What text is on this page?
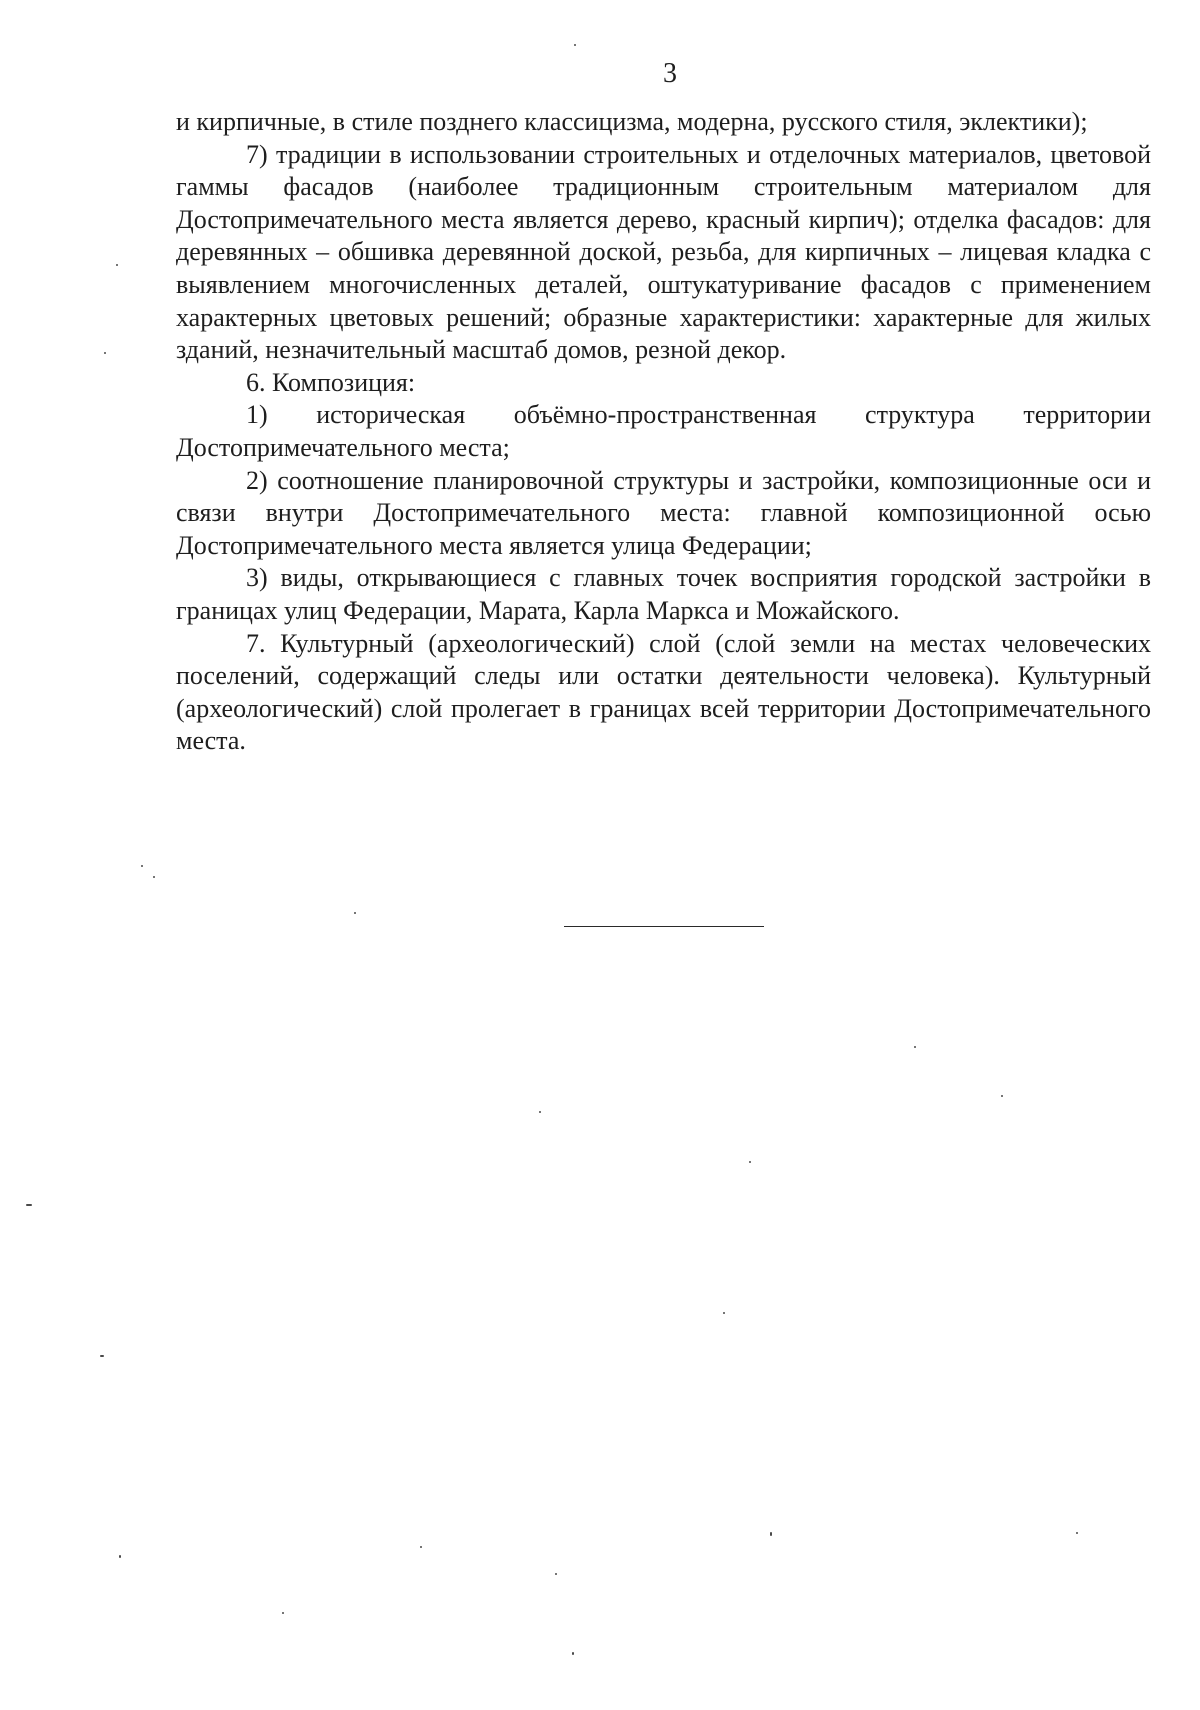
3

и кирпичные, в стиле позднего классицизма, модерна, русского стиля, эклектики);

7) традиции в использовании строительных и отделочных материалов, цветовой гаммы фасадов (наиболее традиционным строительным материалом для Достопримечательного места является дерево, красный кирпич); отделка фасадов: для деревянных – обшивка деревянной доской, резьба, для кирпичных – лицевая кладка с выявлением многочисленных деталей, оштукатуривание фасадов с применением характерных цветовых решений; образные характеристики: характерные для жилых зданий, незначительный масштаб домов, резной декор.

6. Композиция:

1) историческая объёмно-пространственная структура территории Достопримечательного места;

2) соотношение планировочной структуры и застройки, композиционные оси и связи внутри Достопримечательного места: главной композиционной осью Достопримечательного места является улица Федерации;

3) виды, открывающиеся с главных точек восприятия городской застройки в границах улиц Федерации, Марата, Карла Маркса и Можайского.

7. Культурный (археологический) слой (слой земли на местах человеческих поселений, содержащий следы или остатки деятельности человека). Культурный (археологический) слой пролегает в границах всей территории Достопримечательного места.
